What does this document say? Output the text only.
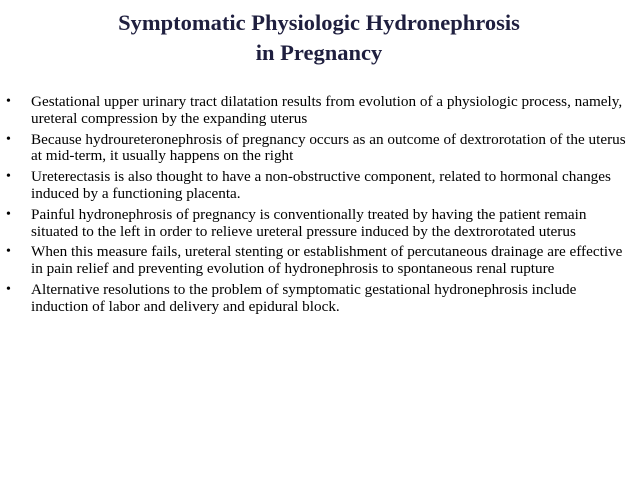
Symptomatic Physiologic Hydronephrosis
in Pregnancy
• Gestational upper urinary tract dilatation results from evolution of a physiologic process, namely, ureteral compression by the expanding uterus
• Because hydroureteronephrosis of pregnancy occurs as an outcome of dextrorotation of the uterus at mid-term, it usually happens on the right
• Ureterectasis is also thought to have a non-obstructive component, related to hormonal changes induced by a functioning placenta.
• Painful hydronephrosis of pregnancy is conventionally treated by having the patient remain situated to the left in order to relieve ureteral pressure induced by the dextrorotated uterus
• When this measure fails, ureteral stenting or establishment of percutaneous drainage are effective in pain relief and preventing evolution of hydronephrosis to spontaneous renal rupture
• Alternative resolutions to the problem of symptomatic gestational hydronephrosis include induction of labor and delivery and epidural block.
